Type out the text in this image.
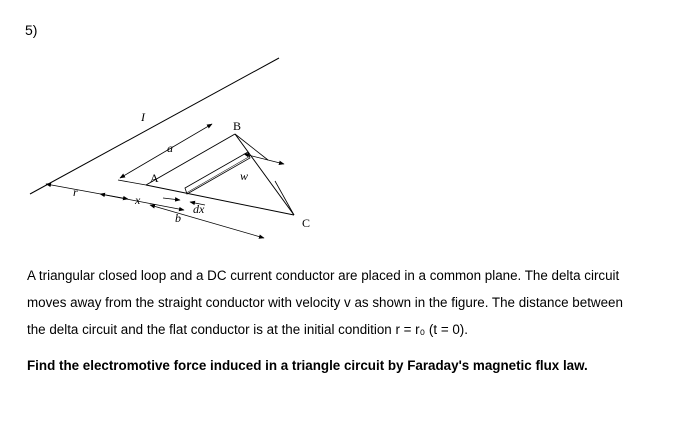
5)
I
a
A
B
C
w
r
x
dx
b
A triangular closed loop and a DC current conductor are placed in a common plane. The delta circuit
moves away from the straight conductor with velocity v as shown in the figure. The distance between
the delta circuit and the flat conductor is at the initial condition r = r₀ (t = 0).
Find the electromotive force induced in a triangle circuit by Faraday's magnetic flux law.
